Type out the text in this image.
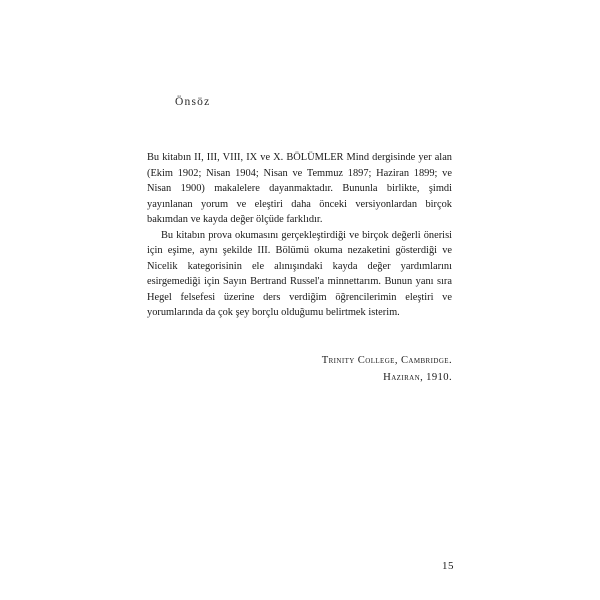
Önsöz

Bu kitabın II, III, VIII, IX ve X. BÖLÜMLER Mind dergisinde yer alan (Ekim 1902; Nisan 1904; Nisan ve Temmuz 1897; Haziran 1899; ve Nisan 1900) makalelere dayanmaktadır. Bununla birlikte, şimdi yayınlanan yorum ve eleştiri daha önceki versiyonlardan birçok bakımdan ve kayda değer ölçüde farklıdır.

Bu kitabın prova okumasını gerçekleştirdiği ve birçok değerli önerisi için eşime, aynı şekilde III. Bölümü okuma nezaketini gösterdiği ve Nicelik kategorisinin ele alınışındaki kayda değer yardımlarını esirgemediği için Sayın Bertrand Russel'a minnettarım. Bunun yanı sıra Hegel felsefesi üzerine ders verdiğim öğrencilerimin eleştiri ve yorumlarında da çok şey borçlu olduğumu belirtmek isterim.

Trinity College, Cambridge.
Haziran, 1910.
15
